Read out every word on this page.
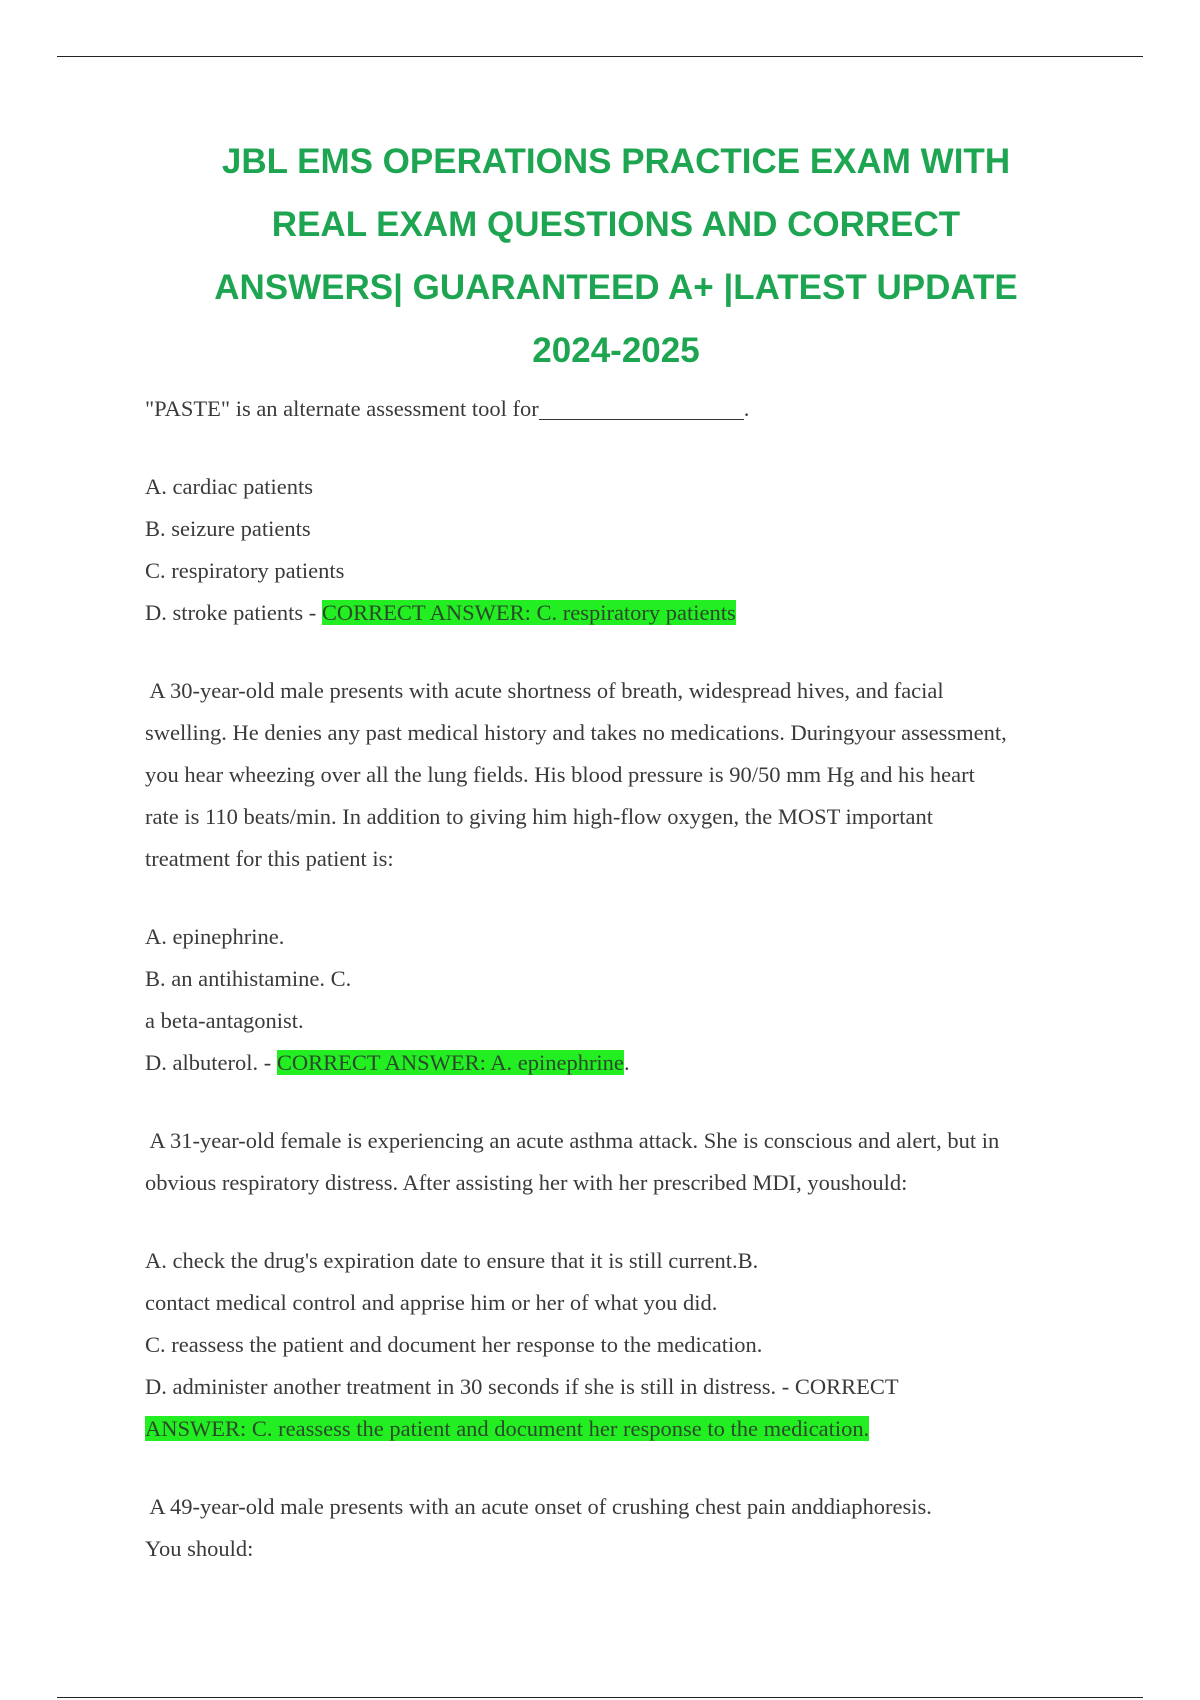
JBL EMS OPERATIONS PRACTICE EXAM WITH
REAL EXAM QUESTIONS AND CORRECT
ANSWERS| GUARANTEED A+ |LATEST UPDATE
2024-2025

"PASTE" is an alternate assessment tool for	.

A. cardiac patients

B. seizure patients

C. respiratory patients

D. stroke patients - CORRECT ANSWER: C. respiratory patients

A 30-year-old male presents with acute shortness of breath, widespread hives, and facial

swelling. He denies any past medical history and takes no medications. Duringyour assessment,

you hear wheezing over all the lung fields. His blood pressure is 90/50 mm Hg and his heart

rate is 110 beats/min. In addition to giving him high-flow oxygen, the MOST important

treatment for this patient is:

A. epinephrine.

B. an antihistamine. C.

a beta-antagonist.

D. albuterol. - CORRECT ANSWER: A. epinephrine.

A 31-year-old female is experiencing an acute asthma attack. She is conscious and alert, but in

obvious respiratory distress. After assisting her with her prescribed MDI, youshould:

A. check the drug's expiration date to ensure that it is still current.B.

contact medical control and apprise him or her of what you did.

C. reassess the patient and document her response to the medication.

D. administer another treatment in 30 seconds if she is still in distress. - CORRECT

ANSWER: C. reassess the patient and document her response to the medication.

A 49-year-old male presents with an acute onset of crushing chest pain anddiaphoresis.

You should:
